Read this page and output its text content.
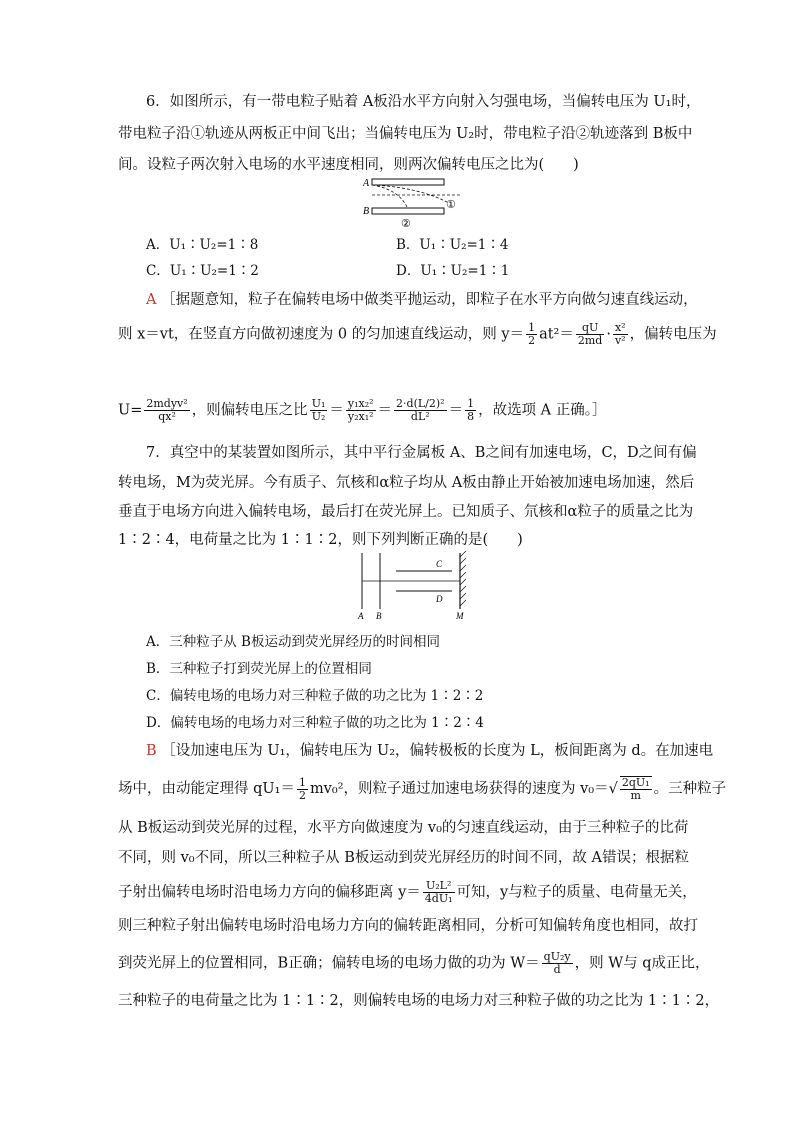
6．如图所示，有一带电粒子贴着 A板沿水平方向射入匀强电场，当偏转电压为 U₁时，
带电粒子沿①轨迹从两板正中间飞出；当偏转电压为 U₂时，带电粒子沿②轨迹落到 B板中
间。设粒子两次射入电场的水平速度相同，则两次偏转电压之比为(　　)
A
①
B
②
A．U₁∶U₂=1∶8	B．U₁∶U₂=1∶4
C．U₁∶U₂=1∶2	D．U₁∶U₂=1∶1
A ［据题意知，粒子在偏转电场中做类平抛运动，即粒子在水平方向做匀速直线运动，
则 x＝vt，在竖直方向做初速度为 0 的匀加速直线运动，则 $y= \frac{1}{2} at^2= \frac{qU}{2md} \cdot \frac{\text{x²}}{\text{v²}}$ ，偏转电压为
$U= \frac{\text{2mdyv²}}{\text{qx²}}$ ，则偏转电压之比 $\frac{\text{U₁}}{\text{U₂}} = \frac{\text{y₁x₂²}}{\text{y₂x₁²}} = \frac{\text{2·d(L/2)²}}{\text{dL²}} = \frac{1}{8}$ ，故选项 A 正确。］
7．真空中的某装置如图所示，其中平行金属板 A、B之间有加速电场，C，D之间有偏
转电场，M为荧光屏。今有质子、氘核和α粒子均从 A板由静止开始被加速电场加速，然后
垂直于电场方向进入偏转电场，最后打在荧光屏上。已知质子、氘核和α粒子的质量之比为
1∶2∶4，电荷量之比为 1∶1∶2，则下列判断正确的是(　　)
C
D
A B	M
A．三种粒子从 B板运动到荧光屏经历的时间相同
B．三种粒子打到荧光屏上的位置相同
C．偏转电场的电场力对三种粒子做的功之比为 1∶2∶2
D．偏转电场的电场力对三种粒子做的功之比为 1∶2∶4
B ［设加速电压为 U₁，偏转电压为 U₂，偏转极板的长度为 L，板间距离为 d。在加速电
场中，由动能定理得 $qU_1= \frac{1}{2} mv_0^2$，则粒子通过加速电场获得的速度为 $v_0=√ \frac{\text{2qU₁}}{m}$ 。三种粒子
从 B板运动到荧光屏的过程，水平方向做速度为 v₀的匀速直线运动，由于三种粒子的比荷
不同，则 v₀不同，所以三种粒子从 B板运动到荧光屏经历的时间不同，故 A错误；根据粒
子射出偏转电场时沿电场力方向的偏移距离 $y= \frac{\text{U₂L²}}{\text{4dU₁}}$ 可知，y与粒子的质量、电荷量无关，
则三种粒子射出偏转电场时沿电场力方向的偏转距离相同，分析可知偏转角度也相同，故打
到荧光屏上的位置相同，B正确；偏转电场的电场力做的功为 $W= \frac{\text{qU₂y}}{d}$ ，则 W与 q成正比，
三种粒子的电荷量之比为 1∶1∶2，则偏转电场的电场力对三种粒子做的功之比为 1∶1∶2，
